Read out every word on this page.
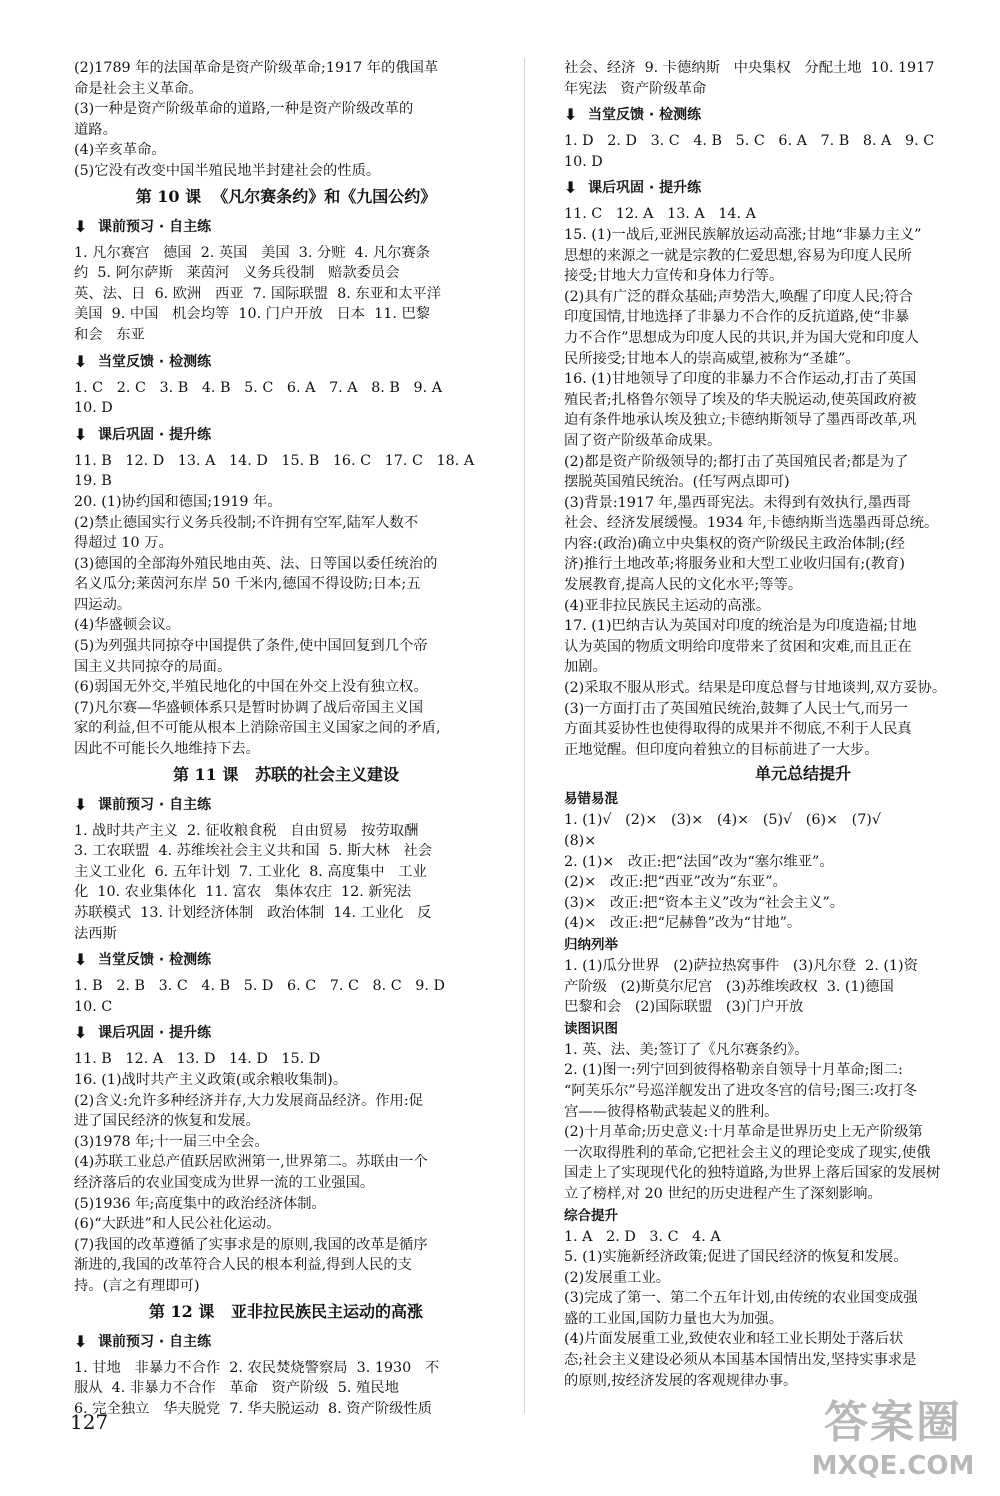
(2)1789 年的法国革命是资产阶级革命;1917 年的俄国革
命是社会主义革命。
(3)一种是资产阶级革命的道路,一种是资产阶级改革的
道路。
(4)辛亥革命。
(5)它没有改变中国半殖民地半封建社会的性质。
第 10 课  《凡尔赛条约》和《九国公约》
⬇ 课前预习 · 自主练
1. 凡尔赛宫   德国  2. 英国   美国  3. 分赃  4. 凡尔赛条
约  5. 阿尔萨斯   莱茵河   义务兵役制   赔款委员会
英、法、日  6. 欧洲   西亚  7. 国际联盟  8. 东亚和太平洋
美国  9. 中国   机会均等  10. 门户开放   日本  11. 巴黎
和会   东亚
⬇ 当堂反馈 · 检测练
1. C   2. C   3. B   4. B   5. C   6. A   7. A   8. B   9. A
10. D
⬇ 课后巩固 · 提升练
11. B   12. D   13. A   14. D   15. B   16. C   17. C   18. A
19. B
20. (1)协约国和德国;1919 年。
(2)禁止德国实行义务兵役制;不许拥有空军,陆军人数不
得超过 10 万。
(3)德国的全部海外殖民地由英、法、日等国以委任统治的
名义瓜分;莱茵河东岸 50 千米内,德国不得设防;日本;五
四运动。
(4)华盛顿会议。
(5)为列强共同掠夺中国提供了条件,使中国回复到几个帝
国主义共同掠夺的局面。
(6)弱国无外交,半殖民地化的中国在外交上没有独立权。
(7)凡尔赛—华盛顿体系只是暂时协调了战后帝国主义国
家的利益,但不可能从根本上消除帝国主义国家之间的矛盾,
因此不可能长久地维持下去。
第 11 课   苏联的社会主义建设
⬇ 课前预习 · 自主练
1. 战时共产主义  2. 征收粮食税   自由贸易   按劳取酬
3. 工农联盟  4. 苏维埃社会主义共和国  5. 斯大林   社会
主义工业化  6. 五年计划  7. 工业化  8. 高度集中   工业
化  10. 农业集体化  11. 富农   集体农庄  12. 新宪法
苏联模式  13. 计划经济体制   政治体制  14. 工业化   反
法西斯
⬇ 当堂反馈 · 检测练
1. B   2. B   3. C   4. B   5. D   6. C   7. C   8. C   9. D
10. C
⬇ 课后巩固 · 提升练
11. B   12. A   13. D   14. D   15. D
16. (1)战时共产主义政策(或余粮收集制)。
(2)含义:允许多种经济并存,大力发展商品经济。作用:促
进了国民经济的恢复和发展。
(3)1978 年;十一届三中全会。
(4)苏联工业总产值跃居欧洲第一,世界第二。苏联由一个
经济落后的农业国变成为世界一流的工业强国。
(5)1936 年;高度集中的政治经济体制。
(6)“大跃进”和人民公社化运动。
(7)我国的改革遵循了实事求是的原则,我国的改革是循序
渐进的,我国的改革符合人民的根本利益,得到人民的支
持。(言之有理即可)
第 12 课   亚非拉民族民主运动的高涨
⬇ 课前预习 · 自主练
1. 甘地   非暴力不合作  2. 农民焚烧警察局  3. 1930   不
服从  4. 非暴力不合作   革命   资产阶级  5. 殖民地
6. 完全独立   华夫脱党  7. 华夫脱运动  8. 资产阶级性质
社会、经济  9. 卡德纳斯   中央集权   分配土地  10. 1917
年宪法   资产阶级革命
⬇ 当堂反馈 · 检测练
1. D   2. D   3. C   4. B   5. C   6. A   7. B   8. A   9. C
10. D
⬇ 课后巩固 · 提升练
11. C   12. A   13. A   14. A
15. (1)一战后,亚洲民族解放运动高涨;甘地“非暴力主义”
思想的来源之一就是宗教的仁爱思想,容易为印度人民所
接受;甘地大力宣传和身体力行等。
(2)具有广泛的群众基础;声势浩大,唤醒了印度人民;符合
印度国情,甘地选择了非暴力不合作的反抗道路,使“非暴
力不合作”思想成为印度人民的共识,并为国大党和印度人
民所接受;甘地本人的崇高威望,被称为“圣雄”。
16. (1)甘地领导了印度的非暴力不合作运动,打击了英国
殖民者;扎格鲁尔领导了埃及的华夫脱运动,使英国政府被
迫有条件地承认埃及独立;卡德纳斯领导了墨西哥改革,巩
固了资产阶级革命成果。
(2)都是资产阶级领导的;都打击了英国殖民者;都是为了
摆脱英国殖民统治。(任写两点即可)
(3)背景:1917 年,墨西哥宪法。未得到有效执行,墨西哥
社会、经济发展缓慢。1934 年,卡德纳斯当选墨西哥总统。
内容:(政治)确立中央集权的资产阶级民主政治体制;(经
济)推行土地改革;将服务业和大型工业收归国有;(教育)
发展教育,提高人民的文化水平;等等。
(4)亚非拉民族民主运动的高涨。
17. (1)巴纳吉认为英国对印度的统治是为印度造福;甘地
认为英国的物质文明给印度带来了贫困和灾难,而且正在
加剧。
(2)采取不服从形式。结果是印度总督与甘地谈判,双方妥协。
(3)一方面打击了英国殖民统治,鼓舞了人民士气,而另一
方面其妥协性也使得取得的成果并不彻底,不利于人民真
正地觉醒。但印度向着独立的目标前进了一大步。
单元总结提升
易错易混
1. (1)√   (2)×   (3)×   (4)×   (5)√   (6)×   (7)√
(8)×
2. (1)×   改正:把“法国”改为“塞尔维亚”。
(2)×   改正:把“西亚”改为“东亚”。
(3)×   改正:把“资本主义”改为“社会主义”。
(4)×   改正:把“尼赫鲁”改为“甘地”。
归纳列举
1. (1)瓜分世界   (2)萨拉热窝事件   (3)凡尔登  2. (1)资
产阶级   (2)斯莫尔尼宫   (3)苏维埃政权  3. (1)德国
巴黎和会   (2)国际联盟   (3)门户开放
读图识图
1. 英、法、美;签订了《凡尔赛条约》。
2. (1)图一:列宁回到彼得格勒亲自领导十月革命;图二:
“阿芙乐尔”号巡洋舰发出了进攻冬宫的信号;图三:攻打冬
宫——彼得格勒武装起义的胜利。
(2)十月革命;历史意义:十月革命是世界历史上无产阶级第
一次取得胜利的革命,它把社会主义的理论变成了现实,使俄
国走上了实现现代化的独特道路,为世界上落后国家的发展树
立了榜样,对 20 世纪的历史进程产生了深刻影响。
综合提升
1. A   2. D   3. C   4. A
5. (1)实施新经济政策;促进了国民经济的恢复和发展。
(2)发展重工业。
(3)完成了第一、第二个五年计划,由传统的农业国变成强
盛的工业国,国防力量也大为加强。
(4)片面发展重工业,致使农业和轻工业长期处于落后状
态;社会主义建设必须从本国基本国情出发,坚持实事求是
的原则,按经济发展的客观规律办事。
127	答案圈
MXQE.COM
